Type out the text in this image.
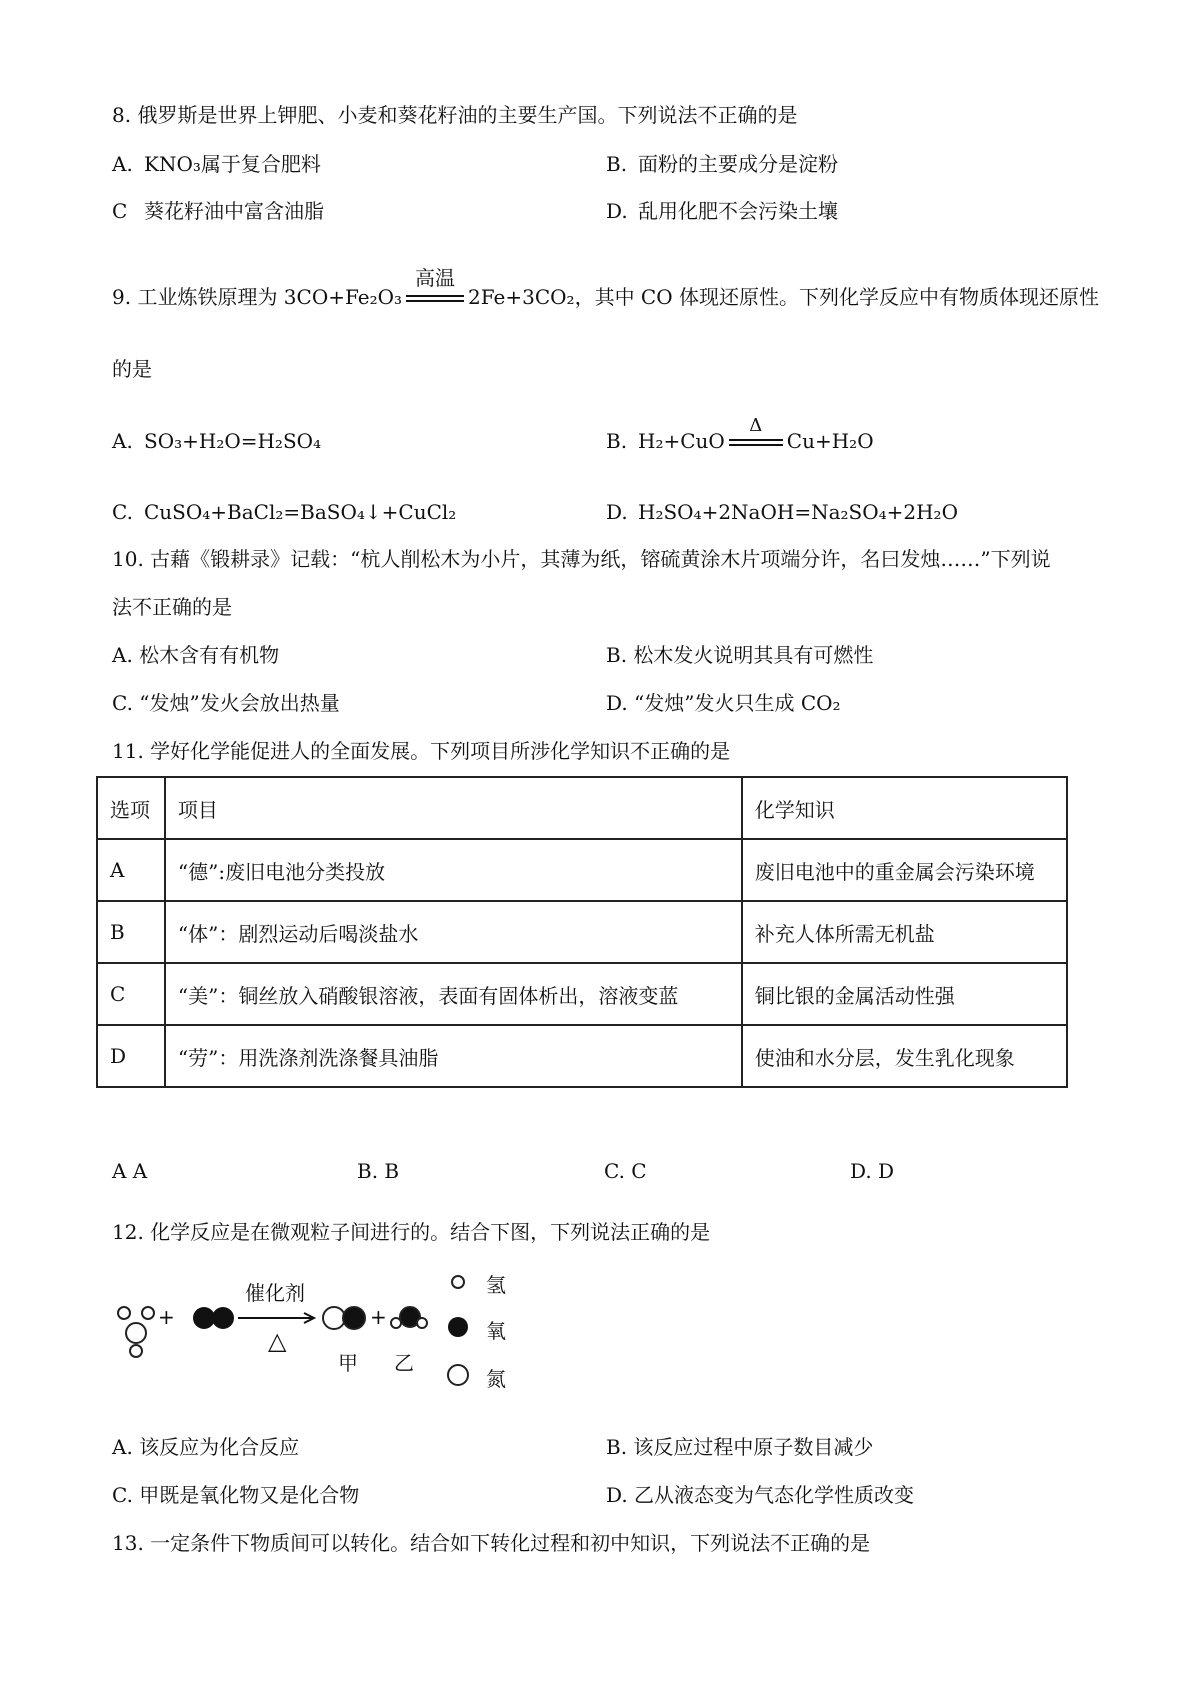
8. 俄罗斯是世界上钾肥、小麦和葵花籽油的主要生产国。下列说法不正确的是
A. KNO₃属于复合肥料	B. 面粉的主要成分是淀粉
C 葵花籽油中富含油脂	D. 乱用化肥不会污染土壤
9. 工业炼铁原理为 3CO+Fe₂O₃
高温
2Fe+3CO₂，其中 CO 体现还原性。下列化学反应中有物质体现还原性
的是
A. SO₃+H₂O=H₂SO₄	B. H₂+CuO
Δ
Cu+H₂O
C. CuSO₄+BaCl₂=BaSO₄↓+CuCl₂	D. H₂SO₄+2NaOH=Na₂SO₄+2H₂O
10. 古藉《锻耕录》记载：“杭人削松木为小片，其薄为纸，镕硫黄涂木片项端分许，名曰发烛……”下列说
法不正确的是
A. 松木含有有机物	B. 松木发火说明其具有可燃性
C. “发烛”发火会放出热量	D. “发烛”发火只生成 CO₂
11. 学好化学能促进人的全面发展。下列项目所涉化学知识不正确的是
选项	项目	化学知识
A	“德”:废旧电池分类投放	废旧电池中的重金属会污染环境
B	“体”：剧烈运动后喝淡盐水	补充人体所需无机盐
C	“美”：铜丝放入硝酸银溶液，表面有固体析出，溶液变蓝	铜比银的金属活动性强
D	“劳”：用洗涤剂洗涤餐具油脂	使油和水分层，发生乳化现象
A A	B. B	C. C	D. D
12. 化学反应是在微观粒子间进行的。结合下图，下列说法正确的是
+	+
催化剂
△
甲 乙
氢
氧
氮
A. 该反应为化合反应	B. 该反应过程中原子数目减少
C. 甲既是氧化物又是化合物	D. 乙从液态变为气态化学性质改变
13. 一定条件下物质间可以转化。结合如下转化过程和初中知识，下列说法不正确的是
